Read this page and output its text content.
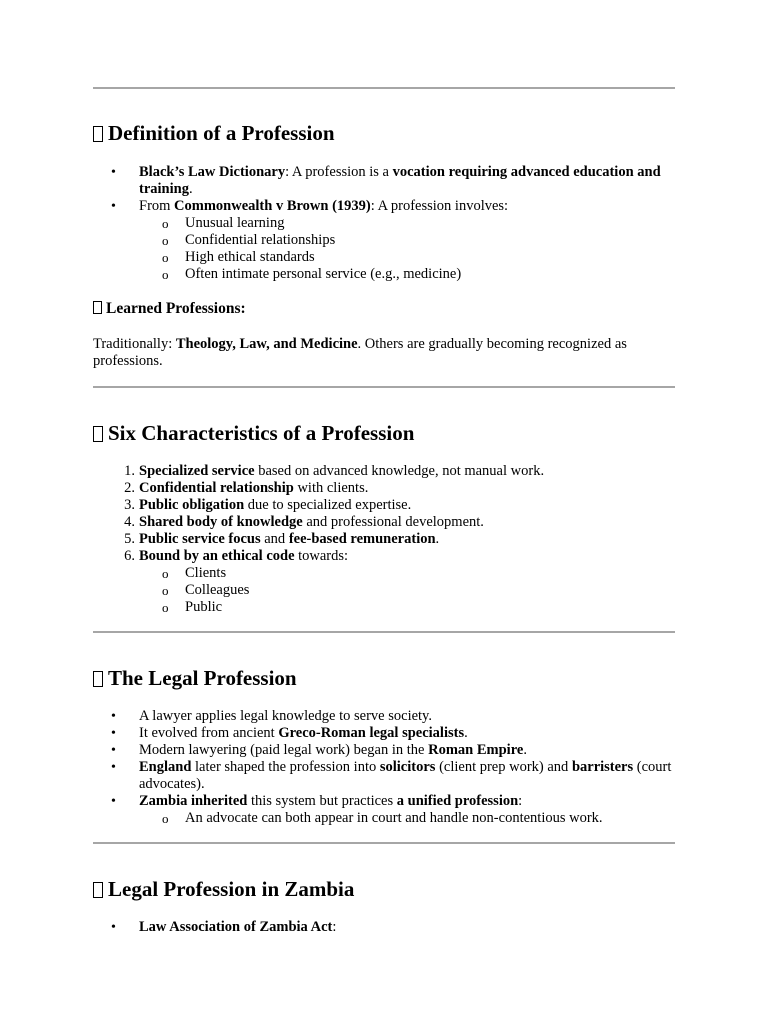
Definition of a Profession
•	Black’s Law Dictionary: A profession is a vocation requiring advanced education and training.
•	From Commonwealth v Brown (1939): A profession involves:
o Unusual learning
o Confidential relationships
o High ethical standards
o Often intimate personal service (e.g., medicine)
Learned Professions:

Traditionally: Theology, Law, and Medicine. Others are gradually becoming recognized as professions.

Six Characteristics of a Profession
1. Specialized service based on advanced knowledge, not manual work.
2. Confidential relationship with clients.
3. Public obligation due to specialized expertise.
4. Shared body of knowledge and professional development.
5. Public service focus and fee-based remuneration.
6. Bound by an ethical code towards:
o Clients
o Colleagues
o Public
The Legal Profession
•	A lawyer applies legal knowledge to serve society.
•	It evolved from ancient Greco-Roman legal specialists.
•	Modern lawyering (paid legal work) began in the Roman Empire.
•	England later shaped the profession into solicitors (client prep work) and barristers (court advocates).
•	Zambia inherited this system but practices a unified profession:
o An advocate can both appear in court and handle non-contentious work.
Legal Profession in Zambia
•	Law Association of Zambia Act:
